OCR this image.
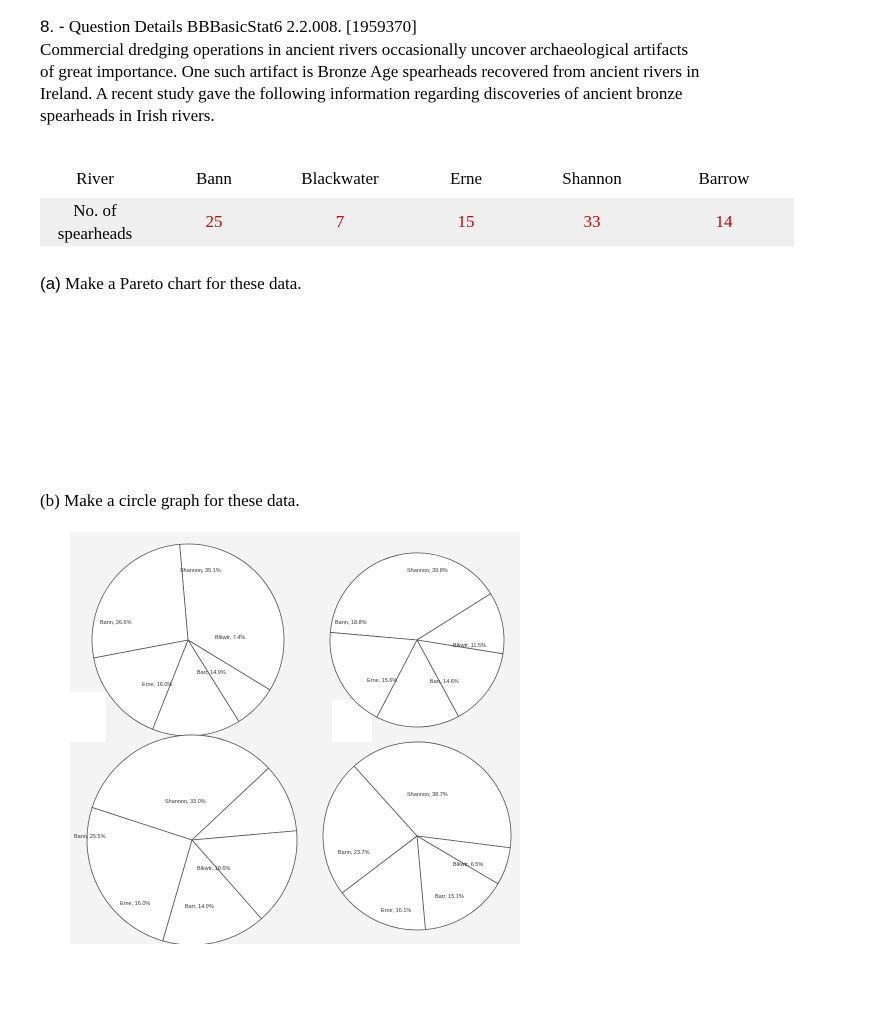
8. - Question Details BBBasicStat6 2.2.008. [1959370]
Commercial dredging operations in ancient rivers occasionally uncover archaeological artifacts
of great importance. One such artifact is Bronze Age spearheads recovered from ancient rivers in
Ireland. A recent study gave the following information regarding discoveries of ancient bronze
spearheads in Irish rivers.
River	Bann	Blackwater	Erne	Shannon	Barrow

No. of
spearheads	25	7	15	33	14
(a) Make a Pareto chart for these data.
(b) Make a circle graph for these data.
Shannon, 35.1%
Blkwtr, 7.4%
Barr, 14.9%
Erne, 16.0%
Bann, 26.6%
Shannon, 39.8%
Blkwtr, 11.5%
Barr, 14.6%
Erne, 15.6%
Bann, 18.8%
Shannon, 33.0%
Blkwtr, 10.6%
Barr, 14.9%
Erne, 16.0%
Bann, 25.5%
Shannon, 38.7%
Blkwtr, 6.5%
Barr, 15.1%
Erne, 16.1%
Bann, 23.7%
